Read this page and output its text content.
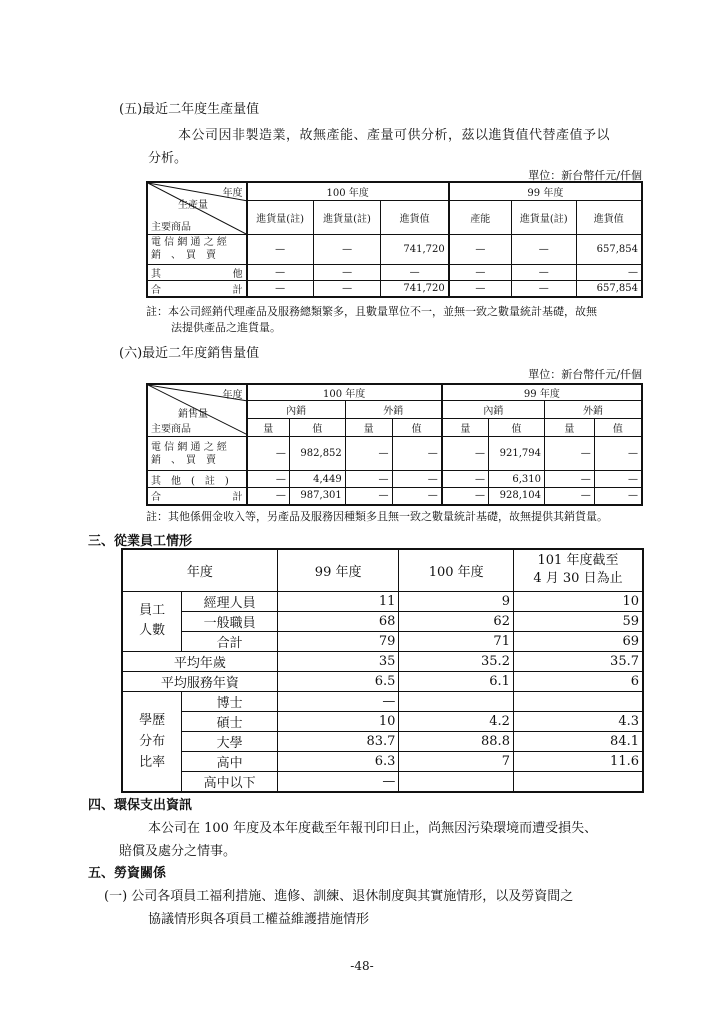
(五)最近二年度生產量值
本公司因非製造業，故無產能、產量可供分析，茲以進貨值代替產值予以
分析。
單位：新台幣仟元/仟個
年度
生產量
主要商品	100 年度			99 年度		
	進貨量(註)	進貨量(註)	進貨值	產能	進貨量(註)	進貨值

電 信 網 通 之 經
銷　、　買　賣	—	—	741,720	—	—	657,854

其 他	—	—	—	—	—	—

合 計	—	—	741,720	—	—	657,854
註：本公司經銷代理產品及服務總類繁多，且數量單位不一，並無一致之數量統計基礎，故無
法提供產品之進貨量。
(六)最近二年度銷售量值
單位：新台幣仟元/仟個
年度
銷售量
主要商品	100 年度				99 年度			
	內銷		外銷		內銷		外銷	
	量	值	量	值	量	值	量	值

電 信 網 通 之 經
銷　、　買　賣	—	982,852	—	—	—	921,794	—	—
其　他　(　註　)	—	4,449	—	—	—	6,310	—	—

合 計	—	987,301	—	—	—	928,104	—	—
註：其他係佣金收入等，另產品及服務因種類多且無一致之數量統計基礎，故無提供其銷貨量。
三、從業員工情形
年度		99 年度	100 年度	101 年度截至
4 月 30 日為止

員工
人數	經理人員	11	9	10
	一般職員	68	62	59
	合計	79	71	69
平均年歲		35	35.2	35.7
平均服務年資		6.5	6.1	6

學歷
分布
比率	博士	—		
	碩士	10	4.2	4.3
	大學	83.7	88.8	84.1
	高中	6.3	7	11.6
	高中以下	—		
四、環保支出資訊
本公司在 100 年度及本年度截至年報刊印日止，尚無因污染環境而遭受損失、
賠償及處分之情事。
五、勞資關係
(一) 公司各項員工福利措施、進修、訓練、退休制度與其實施情形，以及勞資間之
協議情形與各項員工權益維護措施情形
-48-
